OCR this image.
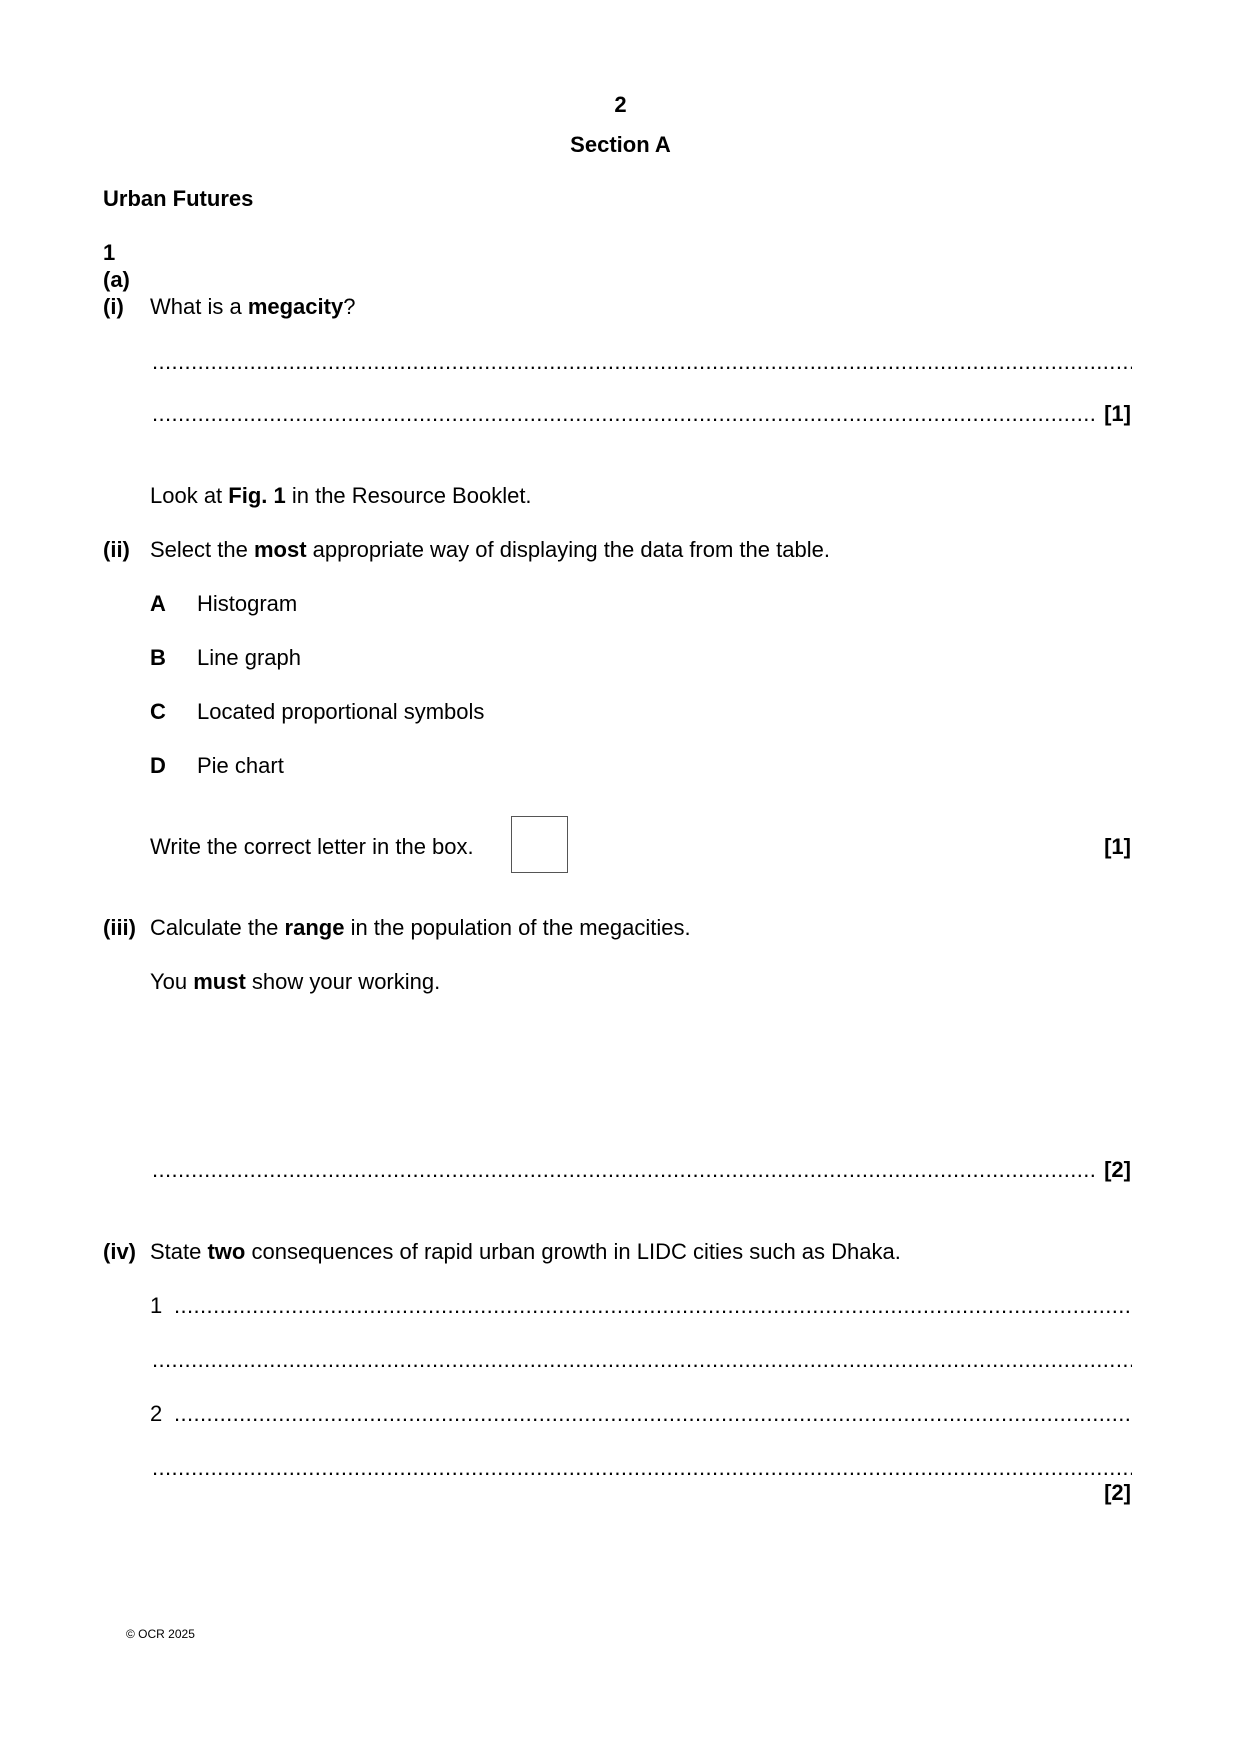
2
Section A
Urban Futures
1
(a)
(i) What is a megacity?
.....
.....
[1]
Look at Fig. 1 in the Resource Booklet.
(ii) Select the most appropriate way of displaying the data from the table.
A Histogram
B Line graph
C Located proportional symbols
D Pie chart
Write the correct letter in the box.	[1]
(iii) Calculate the range in the population of the megacities.
You must show your working.
.....
[2]
(iv) State two consequences of rapid urban growth in LIDC cities such as Dhaka.
1
.....
.....
2
.....
.....
[2]
© OCR 2025
